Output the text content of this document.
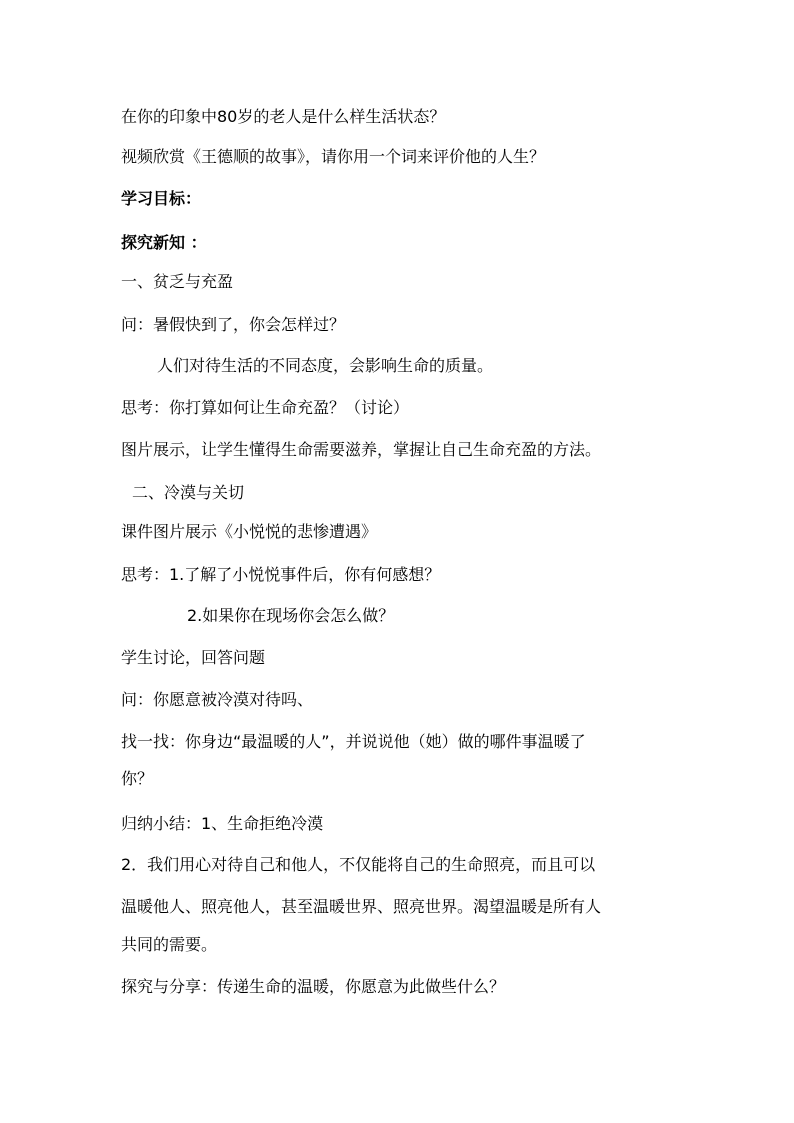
在你的印象中80岁的老人是什么样生活状态？
视频欣赏《王德顺的故事》，请你用一个词来评价他的人生？
学习目标：
探究新知 ：
一、贫乏与充盈
问：暑假快到了，你会怎样过？
人们对待生活的不同态度，会影响生命的质量。
思考：你打算如何让生命充盈？（讨论）
图片展示，让学生懂得生命需要滋养，掌握让自己生命充盈的方法。
二、冷漠与关切
课件图片展示《小悦悦的悲惨遭遇》
思考：1.了解了小悦悦事件后，你有何感想？
2.如果你在现场你会怎么做？
学生讨论，回答问题
问：你愿意被冷漠对待吗、
找一找：你身边“最温暖的人”，并说说他（她）做的哪件事温暖了
你？
归纳小结：1、生命拒绝冷漠
2．我们用心对待自己和他人，不仅能将自己的生命照亮，而且可以
温暖他人、照亮他人，甚至温暖世界、照亮世界。渴望温暖是所有人
共同的需要。
探究与分享：传递生命的温暖，你愿意为此做些什么？
